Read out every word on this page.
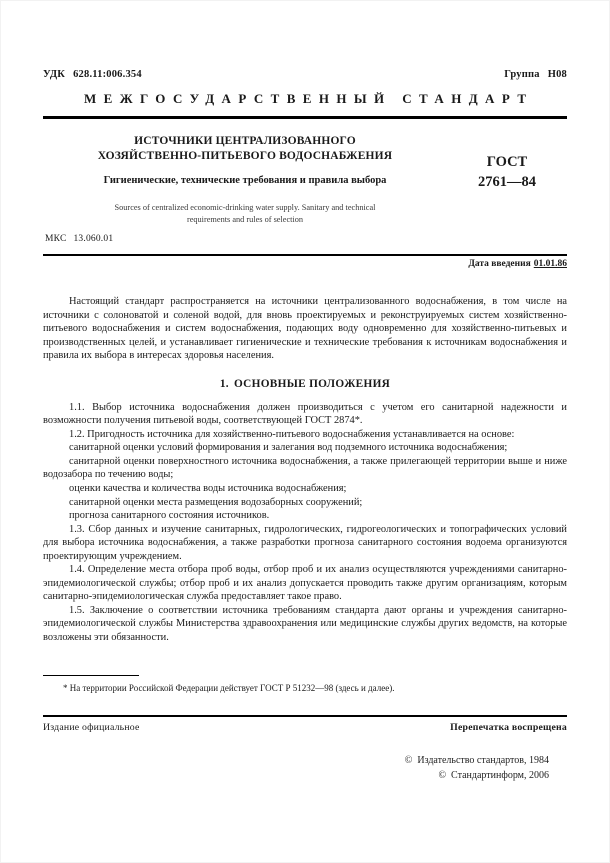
УДК 628.11:006.354	Группа Н08
МЕЖГОСУДАРСТВЕННЫЙ СТАНДАРТ
ИСТОЧНИКИ ЦЕНТРАЛИЗОВАННОГО
ХОЗЯЙСТВЕННО-ПИТЬЕВОГО ВОДОСНАБЖЕНИЯ
Гигиенические, технические требования и правила выбора
Sources of centralized economic-drinking water supply. Sanitary and technical
requirements and rules of selection
ГОСТ
2761—84
МКС 13.060.01
Дата введения 01.01.86

Настоящий стандарт распространяется на источники централизованного водоснабжения, в том числе на источники с солоноватой и соленой водой, для вновь проектируемых и реконструируемых систем хозяйственно-питьевого водоснабжения и систем водоснабжения, подающих воду одновременно для хозяйственно-питьевых и производственных целей, и устанавливает гигиенические и технические требования к источникам водоснабжения и правила их выбора в интересах здоровья населения.

1. ОСНОВНЫЕ ПОЛОЖЕНИЯ

1.1. Выбор источника водоснабжения должен производиться с учетом его санитарной надежности и возможности получения питьевой воды, соответствующей ГОСТ 2874*.

1.2. Пригодность источника для хозяйственно-питьевого водоснабжения устанавливается на основе:

санитарной оценки условий формирования и залегания вод подземного источника водоснабжения;

санитарной оценки поверхностного источника водоснабжения, а также прилегающей территории выше и ниже водозабора по течению воды;

оценки качества и количества воды источника водоснабжения;

санитарной оценки места размещения водозаборных сооружений;

прогноза санитарного состояния источников.

1.3. Сбор данных и изучение санитарных, гидрологических, гидрогеологических и топографических условий для выбора источника водоснабжения, а также разработки прогноза санитарного состояния водоема организуются проектирующим учреждением.

1.4. Определение места отбора проб воды, отбор проб и их анализ осуществляются учреждениями санитарно-эпидемиологической службы; отбор проб и их анализ допускается проводить также другим организациям, которым санитарно-эпидемиологическая служба предоставляет такое право.

1.5. Заключение о соответствии источника требованиям стандарта дают органы и учреждения санитарно-эпидемиологической службы Министерства здравоохранения или медицинские службы других ведомств, на которые возложены эти обязанности.

* На территории Российской Федерации действует ГОСТ Р 51232—98 (здесь и далее).
Издание официальное	Перепечатка воспрещена
© Издательство стандартов, 1984
© Стандартинформ, 2006
